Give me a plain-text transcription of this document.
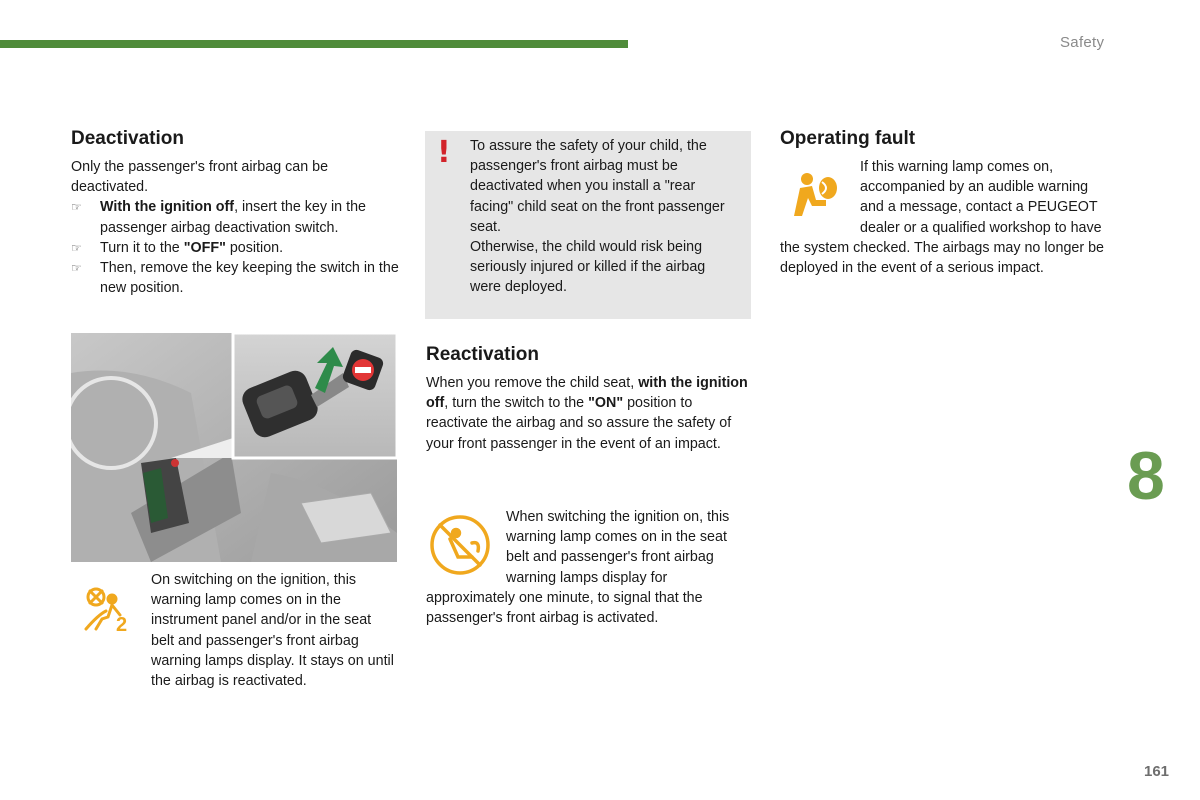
Safety
Deactivation

Only the passenger's front airbag can be deactivated.

☞ With the ignition off, insert the key in the passenger airbag deactivation switch.
☞ Turn it to the "OFF" position.
☞ Then, remove the key keeping the switch in the new position.
2
On switching on the ignition, this warning lamp comes on in the instrument panel and/or in the seat belt and passenger's front airbag warning lamps display. It stays on until the airbag is reactivated.
! To assure the safety of your child, the passenger's front airbag must be deactivated when you install a "rear facing" child seat on the front passenger seat.

Otherwise, the child would risk being seriously injured or killed if the airbag were deployed.

Reactivation
When you remove the child seat, with the ignition off, turn the switch to the "ON" position to reactivate the airbag and so assure the safety of your front passenger in the event of an impact.
When switching the ignition on, this warning lamp comes on in the seat belt and passenger's front airbag warning lamps display for approximately one minute, to signal that the passenger's front airbag is activated.
Operating fault
If this warning lamp comes on, accompanied by an audible warning and a message, contact a PEUGEOT dealer or a qualified workshop to have the system checked. The airbags may no longer be deployed in the event of a serious impact.
8
161
